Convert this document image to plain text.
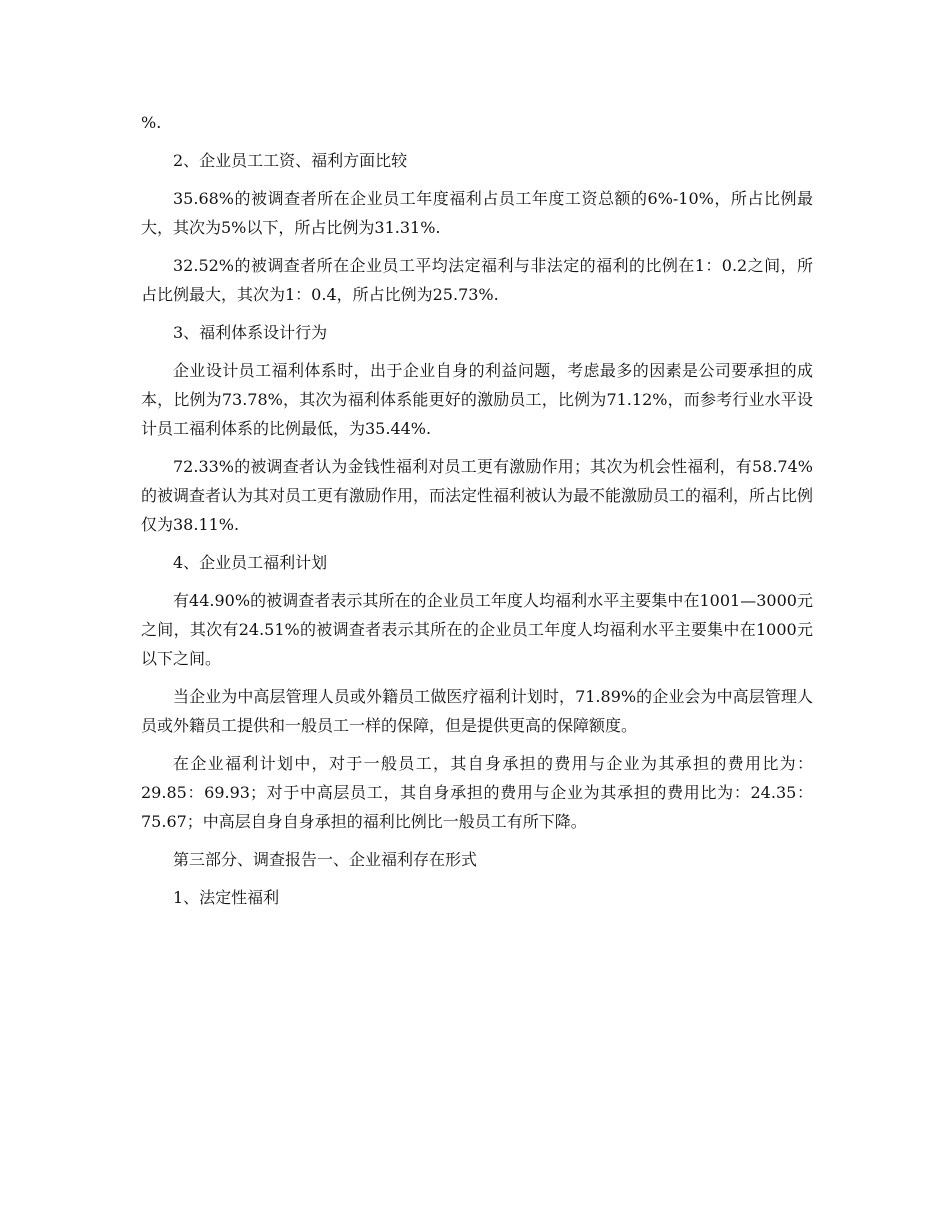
%.

2、企业员工工资、福利方面比较

35.68%的被调查者所在企业员工年度福利占员工年度工资总额的6%-10%，所占比例最大，其次为5%以下，所占比例为31.31%.

32.52%的被调查者所在企业员工平均法定福利与非法定的福利的比例在1：0.2之间，所占比例最大，其次为1：0.4，所占比例为25.73%.

3、福利体系设计行为

企业设计员工福利体系时，出于企业自身的利益问题，考虑最多的因素是公司要承担的成本，比例为73.78%，其次为福利体系能更好的激励员工，比例为71.12%，而参考行业水平设计员工福利体系的比例最低，为35.44%.

72.33%的被调查者认为金钱性福利对员工更有激励作用；其次为机会性福利，有58.74%的被调查者认为其对员工更有激励作用，而法定性福利被认为最不能激励员工的福利，所占比例仅为38.11%.

4、企业员工福利计划

有44.90%的被调查者表示其所在的企业员工年度人均福利水平主要集中在1001—3000元之间，其次有24.51%的被调查者表示其所在的企业员工年度人均福利水平主要集中在1000元以下之间。

当企业为中高层管理人员或外籍员工做医疗福利计划时，71.89%的企业会为中高层管理人员或外籍员工提供和一般员工一样的保障，但是提供更高的保障额度。

在企业福利计划中，对于一般员工，其自身承担的费用与企业为其承担的费用比为：29.85：69.93；对于中高层员工，其自身承担的费用与企业为其承担的费用比为：24.35：75.67；中高层自身自身承担的福利比例比一般员工有所下降。

第三部分、调查报告一、企业福利存在形式

1、法定性福利
